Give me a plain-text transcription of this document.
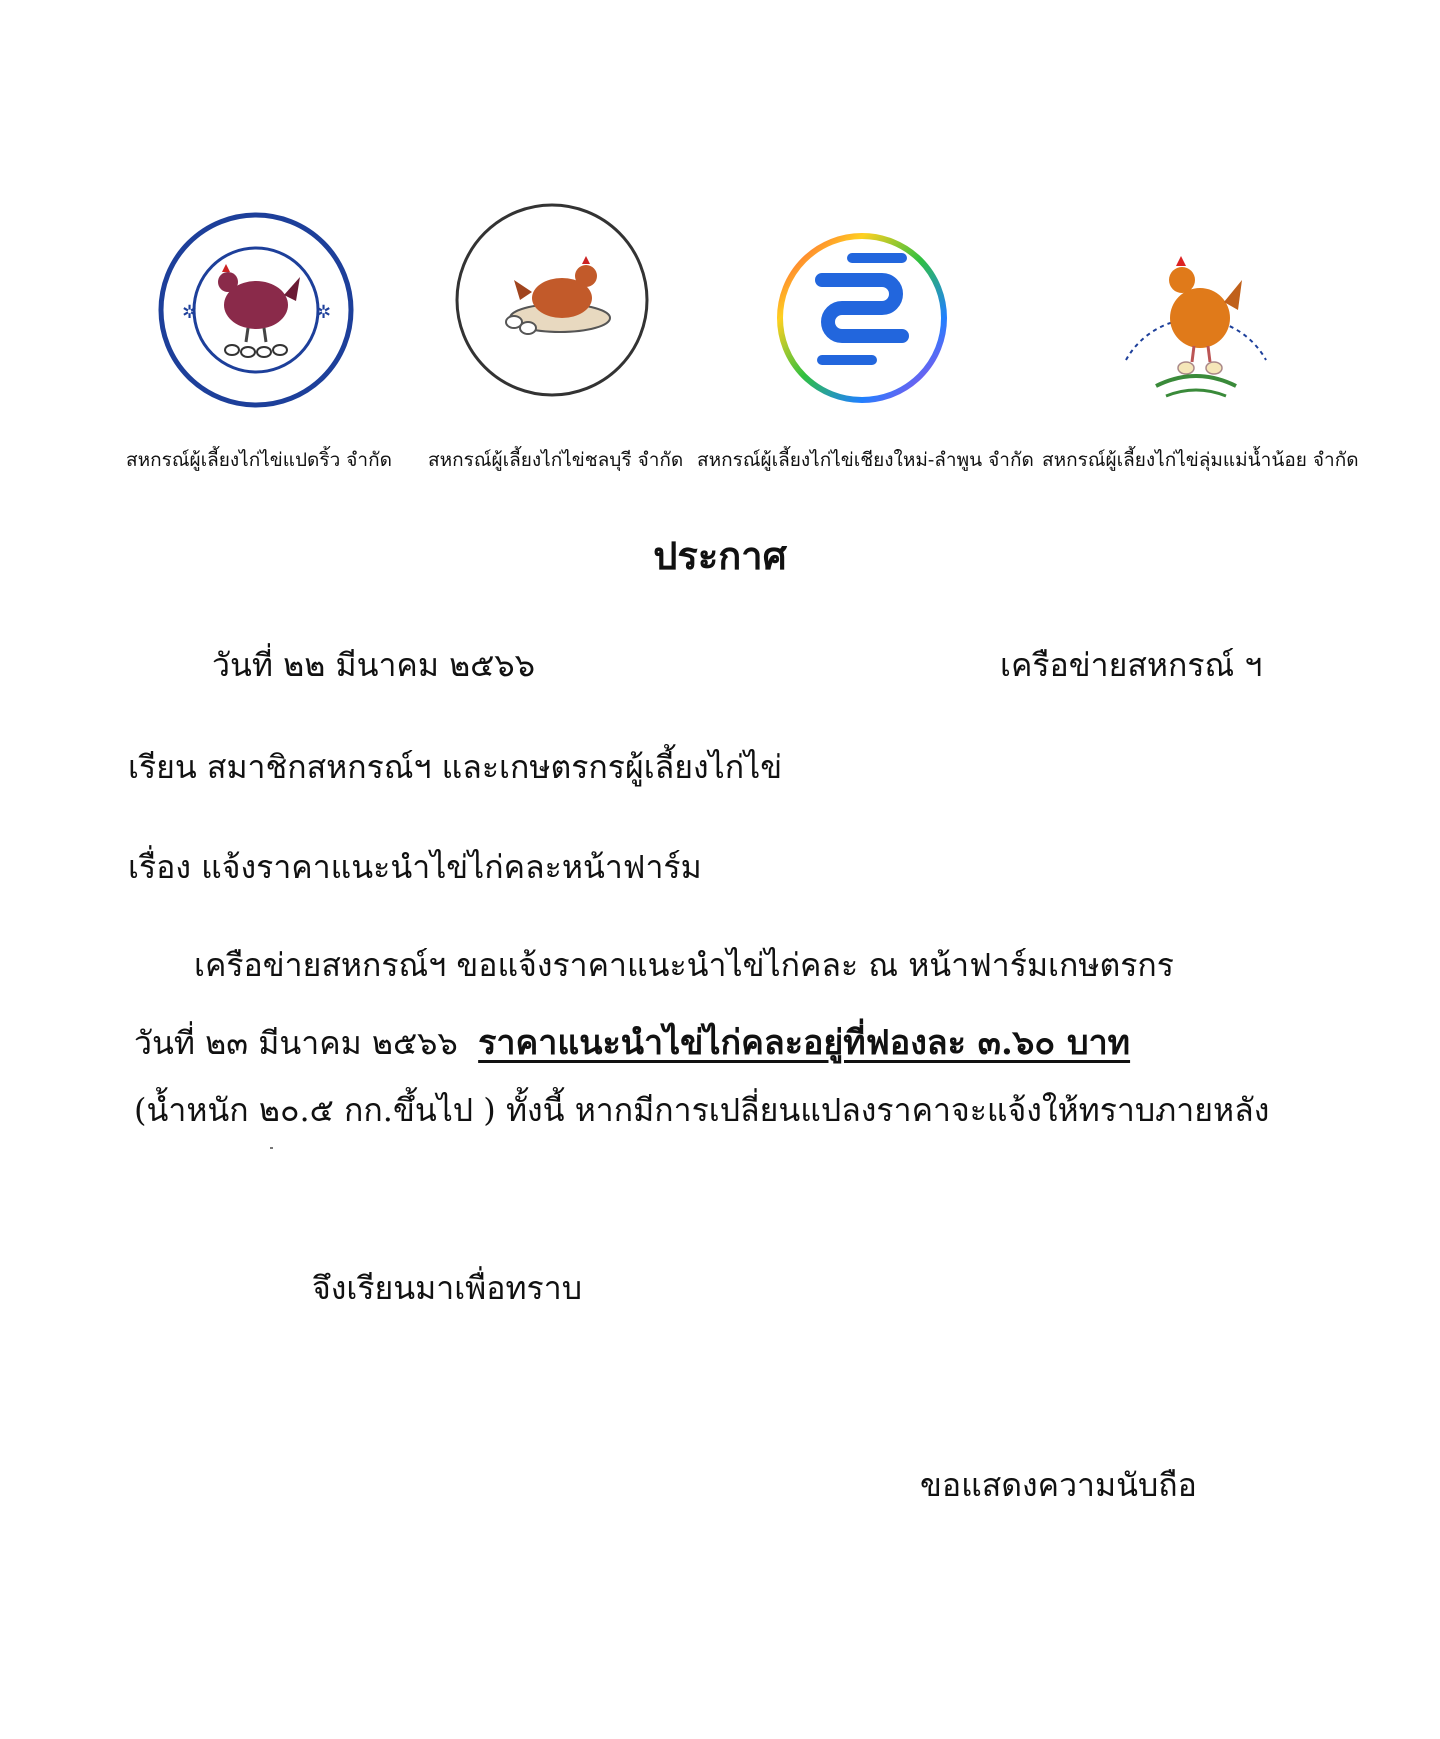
✲	✲
สหกรณ์ผู้เลี้ยงไก่ไข่แปดริ้ว จำกัด สหกรณ์ผู้เลี้ยงไก่ไข่ชลบุรี จำกัด สหกรณ์ผู้เลี้ยงไก่ไข่เชียงใหม่-ลำพูน จำกัด สหกรณ์ผู้เลี้ยงไก่ไข่ลุ่มแม่น้ำน้อย จำกัด
ประกาศ
วันที่ ๒๒ มีนาคม ๒๕๖๖	เครือข่ายสหกรณ์ ฯ
เรียน สมาชิกสหกรณ์ฯ และเกษตรกรผู้เลี้ยงไก่ไข่
เรื่อง แจ้งราคาแนะนำไข่ไก่คละหน้าฟาร์ม
เครือข่ายสหกรณ์ฯ ขอแจ้งราคาแนะนำไข่ไก่คละ ณ หน้าฟาร์มเกษตรกร
วันที่ ๒๓ มีนาคม ๒๕๖๖ ราคาแนะนำไข่ไก่คละอยู่ที่ฟองละ ๓.๖๐ บาท
(น้ำหนัก ๒๐.๕ กก.ขึ้นไป ) ทั้งนี้ หากมีการเปลี่ยนแปลงราคาจะแจ้งให้ทราบภายหลัง
จึงเรียนมาเพื่อทราบ
ขอแสดงความนับถือ
